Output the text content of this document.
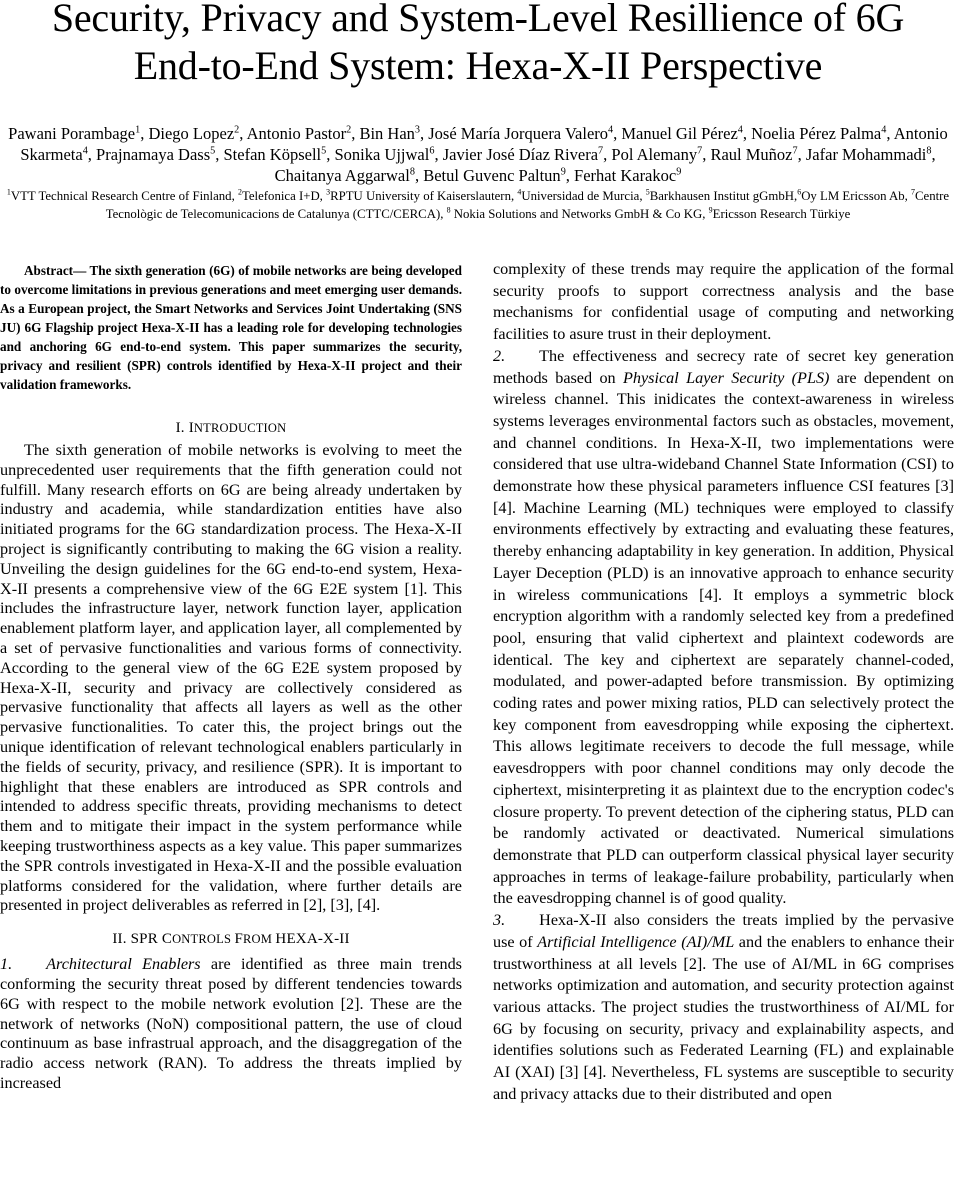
Security, Privacy and System-Level Resillience of 6G
End-to-End System: Hexa-X-II Perspective

Pawani Porambage$^1$, Diego Lopez$^2$, Antonio Pastor$^2$, Bin Han$^3$, José María Jorquera Valero$^4$, Manuel Gil Pérez$^4$, Noelia Pérez Palma$^4$, Antonio Skarmeta$^4$, Prajnamaya Dass$^5$, Stefan Köpsell$^5$, Sonika Ujjwal$^6$, Javier José Díaz Rivera$^7$, Pol Alemany$^7$, Raul Muñoz$^7$, Jafar Mohammadi$^8$, Chaitanya Aggarwal$^8$, Betul Guvenc Paltun$^9$, Ferhat Karakoc$^9$

$^1$VTT Technical Research Centre of Finland, $^2$Telefonica I+D, $^3$RPTU University of Kaiserslautern, $^4$Universidad de Murcia, $^5$Barkhausen Institut gGmbH,$^6$Oy LM Ericsson Ab, $^7$Centre Tecnològic de Telecomunicacions de Catalunya (CTTC/CERCA), $^8$ Nokia Solutions and Networks GmbH & Co KG, $^9$Ericsson Research Türkiye

Abstract— The sixth generation (6G) of mobile networks are being developed to overcome limitations in previous generations and meet emerging user demands. As a European project, the Smart Networks and Services Joint Undertaking (SNS JU) 6G Flagship project Hexa-X-II has a leading role for developing technologies and anchoring 6G end-to-end system. This paper summarizes the security, privacy and resilient (SPR) controls identified by Hexa-X-II project and their validation frameworks.

I. INTRODUCTION

The sixth generation of mobile networks is evolving to meet the unprecedented user requirements that the fifth generation could not fulfill. Many research efforts on 6G are being already undertaken by industry and academia, while standardization entities have also initiated programs for the 6G standardization process. The Hexa-X-II project is significantly contributing to making the 6G vision a reality. Unveiling the design guidelines for the 6G end-to-end system, Hexa-X-II presents a comprehensive view of the 6G E2E system [1]. This includes the infrastructure layer, network function layer, application enablement platform layer, and application layer, all complemented by a set of pervasive functionalities and various forms of connectivity. According to the general view of the 6G E2E system proposed by Hexa-X-II, security and privacy are collectively considered as pervasive functionality that affects all layers as well as the other pervasive functionalities. To cater this, the project brings out the unique identification of relevant technological enablers particularly in the fields of security, privacy, and resilience (SPR). It is important to highlight that these enablers are introduced as SPR controls and intended to address specific threats, providing mechanisms to detect them and to mitigate their impact in the system performance while keeping trustworthiness aspects as a key value. This paper summarizes the SPR controls investigated in Hexa-X-II and the possible evaluation platforms considered for the validation, where further details are presented in project deliverables as referred in [2], [3], [4].

II. SPR CONTROLS FROM HEXA-X-II

1. Architectural Enablers are identified as three main trends conforming the security threat posed by different tendencies towards 6G with respect to the mobile network evolution [2]. These are the network of networks (NoN) compositional pattern, the use of cloud continuum as base infrastrual approach, and the disaggregation of the radio access network (RAN). To address the threats implied by increased

complexity of these trends may require the application of the formal security proofs to support correctness analysis and the base mechanisms for confidential usage of computing and networking facilities to asure trust in their deployment.

2. The effectiveness and secrecy rate of secret key generation methods based on Physical Layer Security (PLS) are dependent on wireless channel. This inidicates the context-awareness in wireless systems leverages environmental factors such as obstacles, movement, and channel conditions. In Hexa-X-II, two implementations were considered that use ultra-wideband Channel State Information (CSI) to demonstrate how these physical parameters influence CSI features [3] [4]. Machine Learning (ML) techniques were employed to classify environments effectively by extracting and evaluating these features, thereby enhancing adaptability in key generation. In addition, Physical Layer Deception (PLD) is an innovative approach to enhance security in wireless communications [4]. It employs a symmetric block encryption algorithm with a randomly selected key from a predefined pool, ensuring that valid ciphertext and plaintext codewords are identical. The key and ciphertext are separately channel-coded, modulated, and power-adapted before transmission. By optimizing coding rates and power mixing ratios, PLD can selectively protect the key component from eavesdropping while exposing the ciphertext. This allows legitimate receivers to decode the full message, while eavesdroppers with poor channel conditions may only decode the ciphertext, misinterpreting it as plaintext due to the encryption codec's closure property. To prevent detection of the ciphering status, PLD can be randomly activated or deactivated. Numerical simulations demonstrate that PLD can outperform classical physical layer security approaches in terms of leakage-failure probability, particularly when the eavesdropping channel is of good quality.

3. Hexa-X-II also considers the treats implied by the pervasive use of Artificial Intelligence (AI)/ML and the enablers to enhance their trustworthiness at all levels [2]. The use of AI/ML in 6G comprises networks optimization and automation, and security protection against various attacks. The project studies the trustworthiness of AI/ML for 6G by focusing on security, privacy and explainability aspects, and identifies solutions such as Federated Learning (FL) and explainable AI (XAI) [3] [4]. Nevertheless, FL systems are susceptible to security and privacy attacks due to their distributed and open
